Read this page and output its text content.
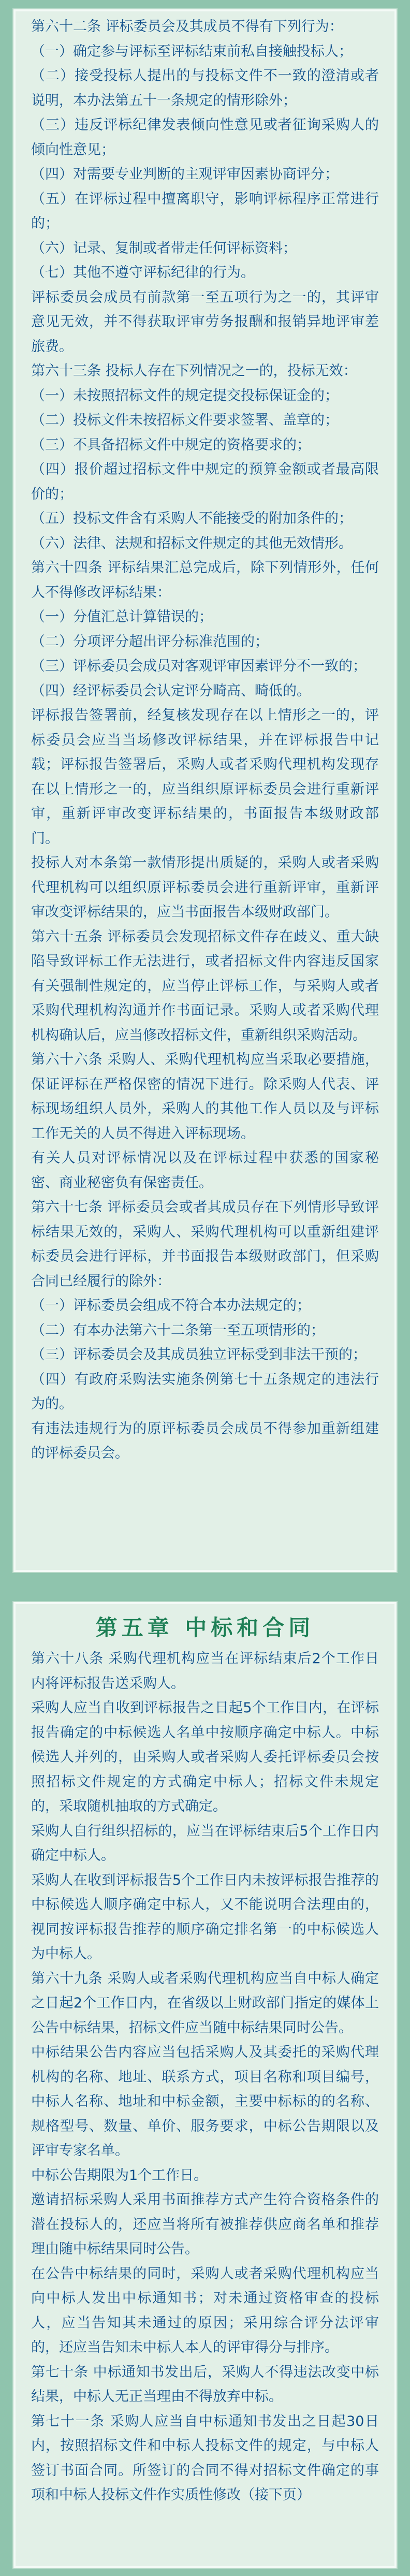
第六十二条 评标委员会及其成员不得有下列行为：

（一）确定参与评标至评标结束前私自接触投标人；

（二）接受投标人提出的与投标文件不一致的澄清或者说明，本办法第五十一条规定的情形除外；

（三）违反评标纪律发表倾向性意见或者征询采购人的倾向性意见；

（四）对需要专业判断的主观评审因素协商评分；

（五）在评标过程中擅离职守，影响评标程序正常进行的；

（六）记录、复制或者带走任何评标资料；

（七）其他不遵守评标纪律的行为。

评标委员会成员有前款第一至五项行为之一的，其评审意见无效，并不得获取评审劳务报酬和报销异地评审差旅费。

第六十三条 投标人存在下列情况之一的，投标无效：

（一）未按照招标文件的规定提交投标保证金的；

（二）投标文件未按招标文件要求签署、盖章的；

（三）不具备招标文件中规定的资格要求的；

（四）报价超过招标文件中规定的预算金额或者最高限价的；

（五）投标文件含有采购人不能接受的附加条件的；

（六）法律、法规和招标文件规定的其他无效情形。

第六十四条 评标结果汇总完成后，除下列情形外，任何人不得修改评标结果：

（一）分值汇总计算错误的；

（二）分项评分超出评分标准范围的；

（三）评标委员会成员对客观评审因素评分不一致的；

（四）经评标委员会认定评分畸高、畸低的。

评标报告签署前，经复核发现存在以上情形之一的，评标委员会应当当场修改评标结果，并在评标报告中记载；评标报告签署后，采购人或者采购代理机构发现存在以上情形之一的，应当组织原评标委员会进行重新评审，重新评审改变评标结果的，书面报告本级财政部门。

投标人对本条第一款情形提出质疑的，采购人或者采购代理机构可以组织原评标委员会进行重新评审，重新评审改变评标结果的，应当书面报告本级财政部门。

第六十五条 评标委员会发现招标文件存在歧义、重大缺陷导致评标工作无法进行，或者招标文件内容违反国家有关强制性规定的，应当停止评标工作，与采购人或者采购代理机构沟通并作书面记录。采购人或者采购代理机构确认后，应当修改招标文件，重新组织采购活动。

第六十六条 采购人、采购代理机构应当采取必要措施，保证评标在严格保密的情况下进行。除采购人代表、评标现场组织人员外，采购人的其他工作人员以及与评标工作无关的人员不得进入评标现场。

有关人员对评标情况以及在评标过程中获悉的国家秘密、商业秘密负有保密责任。

第六十七条 评标委员会或者其成员存在下列情形导致评标结果无效的，采购人、采购代理机构可以重新组建评标委员会进行评标，并书面报告本级财政部门，但采购合同已经履行的除外：

（一）评标委员会组成不符合本办法规定的；

（二）有本办法第六十二条第一至五项情形的；

（三）评标委员会及其成员独立评标受到非法干预的；

（四）有政府采购法实施条例第七十五条规定的违法行为的。

有违法违规行为的原评标委员会成员不得参加重新组建的评标委员会。

第五章 中标和合同

第六十八条 采购代理机构应当在评标结束后2个工作日内将评标报告送采购人。

采购人应当自收到评标报告之日起5个工作日内，在评标报告确定的中标候选人名单中按顺序确定中标人。中标候选人并列的，由采购人或者采购人委托评标委员会按照招标文件规定的方式确定中标人；招标文件未规定的，采取随机抽取的方式确定。

采购人自行组织招标的，应当在评标结束后5个工作日内确定中标人。

采购人在收到评标报告5个工作日内未按评标报告推荐的中标候选人顺序确定中标人，又不能说明合法理由的，视同按评标报告推荐的顺序确定排名第一的中标候选人为中标人。

第六十九条 采购人或者采购代理机构应当自中标人确定之日起2个工作日内，在省级以上财政部门指定的媒体上公告中标结果，招标文件应当随中标结果同时公告。

中标结果公告内容应当包括采购人及其委托的采购代理机构的名称、地址、联系方式，项目名称和项目编号，中标人名称、地址和中标金额，主要中标标的的名称、规格型号、数量、单价、服务要求，中标公告期限以及评审专家名单。

中标公告期限为1个工作日。

邀请招标采购人采用书面推荐方式产生符合资格条件的潜在投标人的，还应当将所有被推荐供应商名单和推荐理由随中标结果同时公告。

在公告中标结果的同时，采购人或者采购代理机构应当向中标人发出中标通知书；对未通过资格审查的投标人，应当告知其未通过的原因；采用综合评分法评审的，还应当告知未中标人本人的评审得分与排序。

第七十条 中标通知书发出后，采购人不得违法改变中标结果，中标人无正当理由不得放弃中标。

第七十一条 采购人应当自中标通知书发出之日起30日内，按照招标文件和中标人投标文件的规定，与中标人签订书面合同。所签订的合同不得对招标文件确定的事项和中标人投标文件作实质性修改（接下页）
